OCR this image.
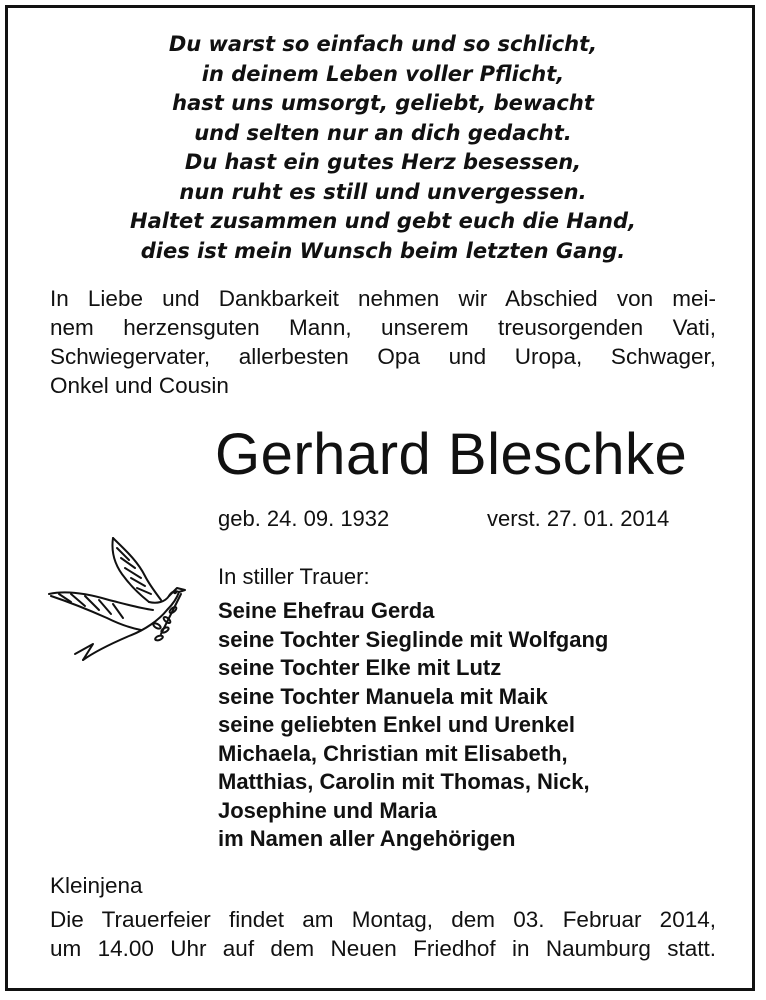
Du warst so einfach und so schlicht,
in deinem Leben voller Pflicht,
hast uns umsorgt, geliebt, bewacht
und selten nur an dich gedacht.
Du hast ein gutes Herz besessen,
nun ruht es still und unvergessen.
Haltet zusammen und gebt euch die Hand,
dies ist mein Wunsch beim letzten Gang.
In Liebe und Dankbarkeit nehmen wir Abschied von mei-
nem herzensguten Mann, unserem treusorgenden Vati,
Schwiegervater, allerbesten Opa und Uropa, Schwager,
Onkel und Cousin
Gerhard Bleschke
geb. 24. 09. 1932	verst. 27. 01. 2014
In stiller Trauer:
Seine Ehefrau Gerda
seine Tochter Sieglinde mit Wolfgang
seine Tochter Elke mit Lutz
seine Tochter Manuela mit Maik
seine geliebten Enkel und Urenkel
Michaela, Christian mit Elisabeth,
Matthias, Carolin mit Thomas, Nick,
Josephine und Maria
im Namen aller Angehörigen
Kleinjena
Die Trauerfeier findet am Montag, dem 03. Februar 2014,
um 14.00 Uhr auf dem Neuen Friedhof in Naumburg statt.
